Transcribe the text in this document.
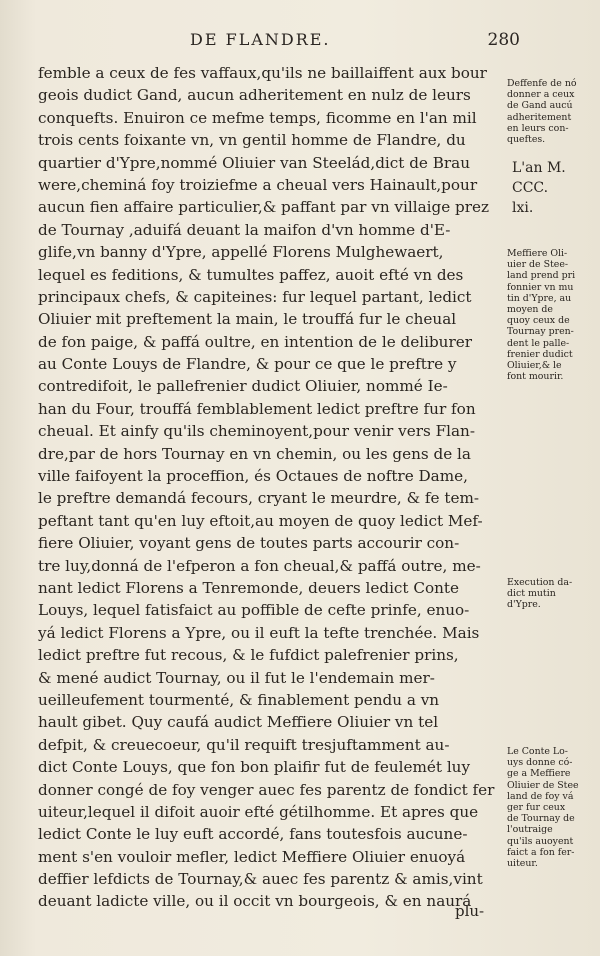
DE FLANDRE.	280
femble a ceux de fes vaffaux,qu'ils ne baillaiffent aux bour
geois dudict Gand, aucun adheritement en nulz de leurs
conquefts. Enuiron ce mefme temps, ficomme en l'an mil
trois cents foixante vn, vn gentil homme de Flandre, du
quartier d'Ypre,nommé Oliuier van Steelád,dict de Brau
were,cheminá foy troiziefme a cheual vers Hainault,pour
aucun fien affaire particulier,& paffant par vn villaige prez
de Tournay ,aduifá deuant la maifon d'vn homme d'E-
glife,vn banny d'Ypre, appellé Florens Mulghewaert,
lequel es feditions, & tumultes paffez, auoit efté vn des
principaux chefs, & capiteines: fur lequel partant, ledict
Oliuier mit preftement la main, le trouffá fur le cheual
de fon paige, & paffá oultre, en intention de le deliburer
au Conte Louys de Flandre, & pour ce que le preftre y
contredifoit, le pallefrenier dudict Oliuier, nommé Ie-
han du Four, trouffá femblablement ledict preftre fur fon
cheual. Et ainfy qu'ils cheminoyent,pour venir vers Flan-
dre,par de hors Tournay en vn chemin, ou les gens de la
ville faifoyent la proceffion, és Octaues de noftre Dame,
le preftre demandá fecours, cryant le meurdre, & fe tem-
peftant tant qu'en luy eftoit,au moyen de quoy ledict Mef-
fiere Oliuier, voyant gens de toutes parts accourir con-
tre luy,donná de l'efperon a fon cheual,& paffá outre, me-
nant ledict Florens a Tenremonde, deuers ledict Conte
Louys, lequel fatisfaict au poffible de cefte prinfe, enuo-
yá ledict Florens a Ypre, ou il euft la tefte trenchée. Mais
ledict preftre fut recous, & le fufdict palefrenier prins,
& mené audict Tournay, ou il fut le l'endemain mer-
ueilleufement tourmenté, & finablement pendu a vn
hault gibet. Quy caufá audict Meffiere Oliuier vn tel
defpit, & creuecoeur, qu'il requift tresjuftamment au-
dict Conte Louys, que fon bon plaifir fut de feulemét luy
donner congé de foy venger auec fes parentz de fondict fer
uiteur,lequel il difoit auoir efté gétilhomme. Et apres que
ledict Conte le luy euft accordé, fans toutesfois aucune-
ment s'en vouloir mefler, ledict Meffiere Oliuier enuoyá
deffier lefdicts de Tournay,& auec fes parentz & amis,vint
deuant ladicte ville, ou il occit vn bourgeois, & en naurá
Deffenfe de nó
donner a ceux
de Gand aucú
adheritement
en leurs con-
queftes.
L'an M.
CCC.
lxi.
Meffiere Oli-
uier de Stee-
land prend pri
fonnier vn mu
tin d'Ypre, au
moyen de
quoy ceux de
Tournay pren-
dent le palle-
frenier dudict
Oliuier,& le
font mourir.
Execution da-
dict mutin
d'Ypre.
Le Conte Lo-
uys donne có-
ge a Meffiere
Oliuier de Stee
land de foy vá
ger fur ceux
de Tournay de
l'outraige
qu'ils auoyent
faict a fon fer-
uiteur.
plu-
